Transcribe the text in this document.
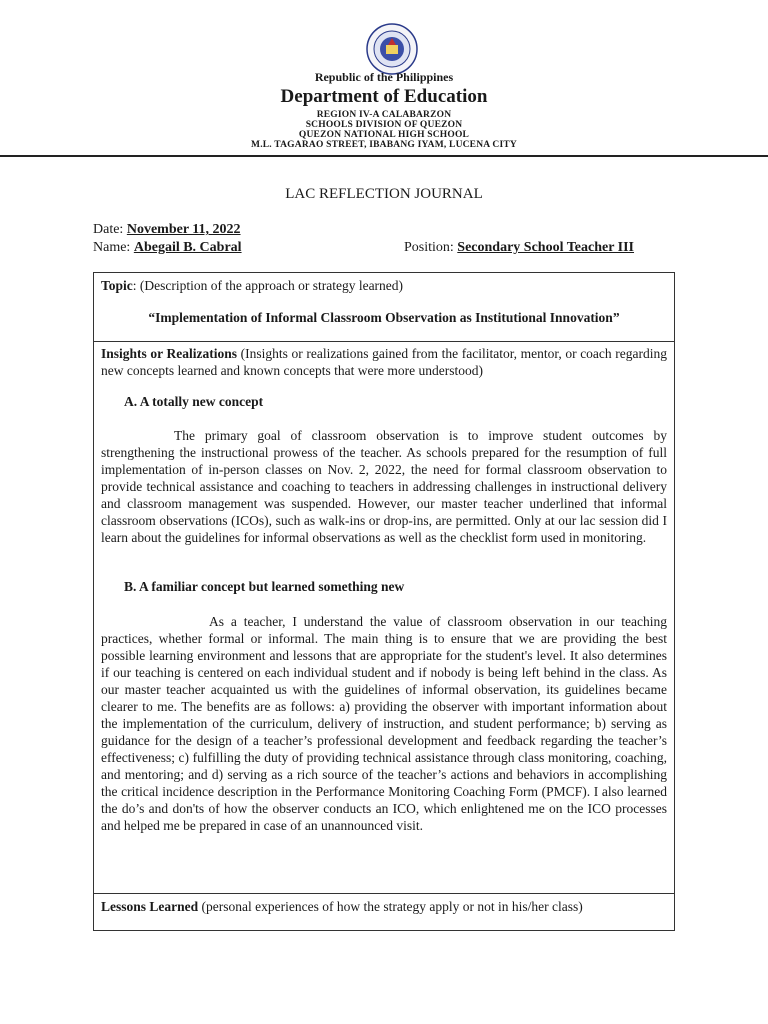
Republic of the Philippines
Department of Education
REGION IV-A CALABARZON
SCHOOLS DIVISION OF QUEZON
QUEZON NATIONAL HIGH SCHOOL
M.L. TAGARAO STREET, IBABANG IYAM, LUCENA CITY
LAC REFLECTION JOURNAL
Date: November 11, 2022
Name: Abegail B. Cabral	Position: Secondary School Teacher III
Topic: (Description of the approach or strategy learned)
“Implementation of Informal Classroom Observation as Institutional Innovation”
Insights or Realizations (Insights or realizations gained from the facilitator, mentor, or coach regarding new concepts learned and known concepts that were more understood)
A. A totally new concept
The primary goal of classroom observation is to improve student outcomes by strengthening the instructional prowess of the teacher. As schools prepared for the resumption of full implementation of in-person classes on Nov. 2, 2022, the need for formal classroom observation to provide technical assistance and coaching to teachers in addressing challenges in instructional delivery and classroom management was suspended. However, our master teacher underlined that informal classroom observations (ICOs), such as walk-ins or drop-ins, are permitted. Only at our lac session did I learn about the guidelines for informal observations as well as the checklist form used in monitoring.
B. A familiar concept but learned something new
As a teacher, I understand the value of classroom observation in our teaching practices, whether formal or informal. The main thing is to ensure that we are providing the best possible learning environment and lessons that are appropriate for the student's level. It also determines if our teaching is centered on each individual student and if nobody is being left behind in the class. As our master teacher acquainted us with the guidelines of informal observation, its guidelines became clearer to me. The benefits are as follows: a) providing the observer with important information about the implementation of the curriculum, delivery of instruction, and student performance; b) serving as guidance for the design of a teacher’s professional development and feedback regarding the teacher’s effectiveness; c) fulfilling the duty of providing technical assistance through class monitoring, coaching, and mentoring; and d) serving as a rich source of the teacher’s actions and behaviors in accomplishing the critical incidence description in the Performance Monitoring Coaching Form (PMCF). I also learned the do’s and don'ts of how the observer conducts an ICO, which enlightened me on the ICO processes and helped me be prepared in case of an unannounced visit.
Lessons Learned (personal experiences of how the strategy apply or not in his/her class)
